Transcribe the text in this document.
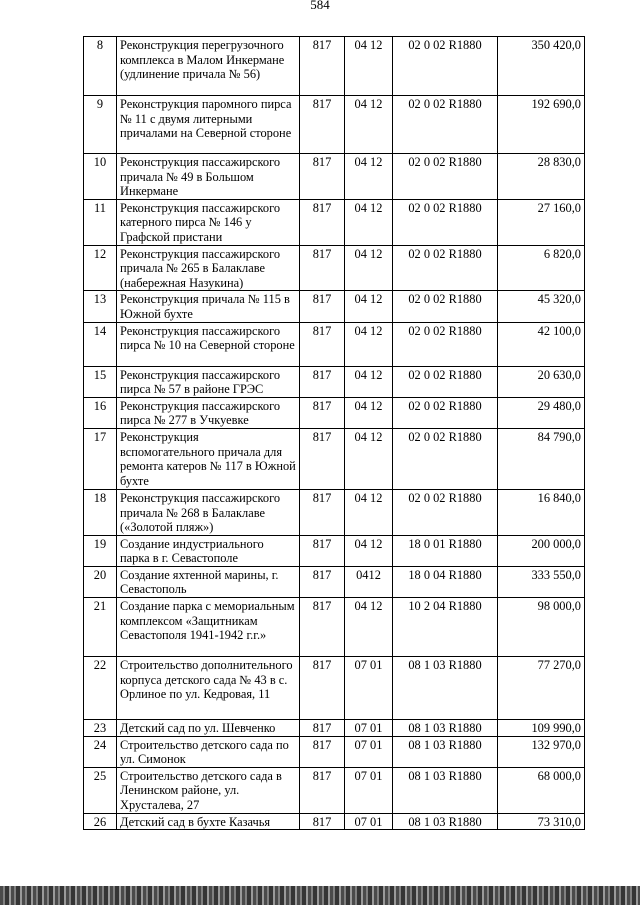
584
8	Реконструкция перегрузочного комплекса в Малом Инкермане (удлинение причала № 56)	817	04 12	02 0 02 R1880	350 420,0
9	Реконструкция паромного пирса № 11 с двумя литерными причалами на Северной стороне	817	04 12	02 0 02 R1880	192 690,0
10	Реконструкция пассажирского причала № 49 в Большом Инкермане	817	04 12	02 0 02 R1880	28 830,0
11	Реконструкция пассажирского катерного пирса № 146 у Графской пристани	817	04 12	02 0 02 R1880	27 160,0
12	Реконструкция пассажирского причала № 265 в Балаклаве (набережная Назукина)	817	04 12	02 0 02 R1880	6 820,0
13	Реконструкция причала № 115 в Южной бухте	817	04 12	02 0 02 R1880	45 320,0
14	Реконструкция пассажирского пирса № 10 на Северной стороне	817	04 12	02 0 02 R1880	42 100,0
15	Реконструкция пассажирского пирса № 57 в районе ГРЭС	817	04 12	02 0 02 R1880	20 630,0
16	Реконструкция пассажирского пирса № 277 в Учкуевке	817	04 12	02 0 02 R1880	29 480,0
17	Реконструкция вспомогательного причала для ремонта катеров № 117 в Южной бухте	817	04 12	02 0 02 R1880	84 790,0
18	Реконструкция пассажирского причала № 268 в Балаклаве («Золотой пляж»)	817	04 12	02 0 02 R1880	16 840,0
19	Создание индустриального парка в г. Севастополе	817	04 12	18 0 01 R1880	200 000,0
20	Создание яхтенной марины, г. Севастополь	817	0412	18 0 04 R1880	333 550,0
21	Создание парка с мемориальным комплексом «Защитникам Севастополя 1941-1942 г.г.»	817	04 12	10 2 04 R1880	98 000,0
22	Строительство дополнительного корпуса детского сада № 43 в с. Орлиное по ул. Кедровая, 11	817	07 01	08 1 03 R1880	77 270,0
23	Детский сад по ул. Шевченко	817	07 01	08 1 03 R1880	109 990,0
24	Строительство детского сада по ул. Симонок	817	07 01	08 1 03 R1880	132 970,0
25	Строительство детского сада в Ленинском районе, ул. Хрусталева, 27	817	07 01	08 1 03 R1880	68 000,0
26	Детский сад в бухте Казачья	817	07 01	08 1 03 R1880	73 310,0
